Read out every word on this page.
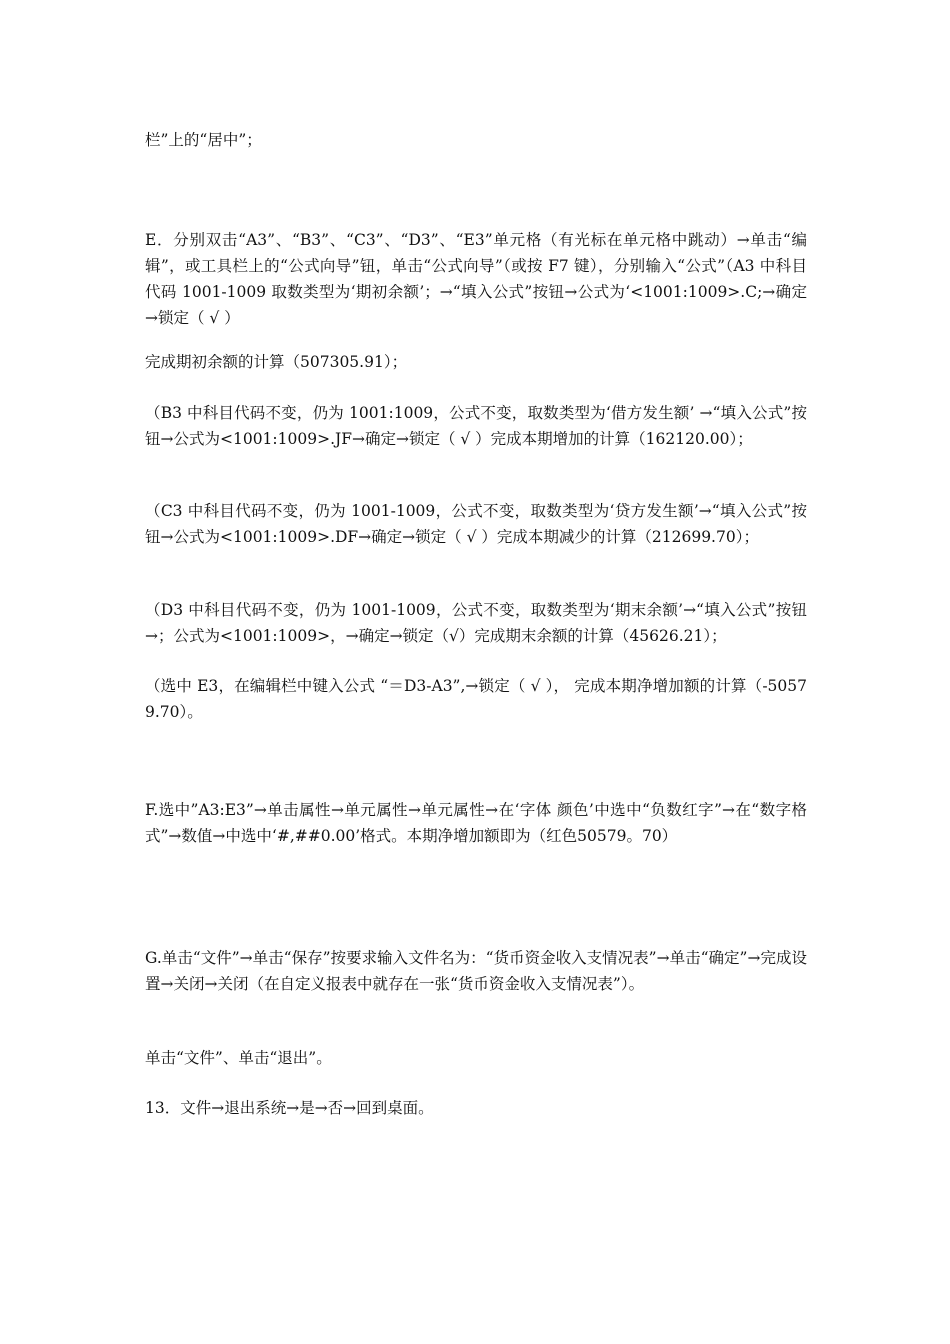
栏”上的“居中”；

E．分别双击“A3”、“B3”、“C3”、“D3”、“E3”单元格（有光标在单元格中跳动）→单击“编辑”，或工具栏上的“公式向导”钮，单击“公式向导”（或按 F7 键），分别输入“公式”（A3 中科目代码 1001-1009 取数类型为‘期初余额’；→“填入公式”按钮→公式为‘<1001:1009>.C;→确定→锁定（ √ ）

完成期初余额的计算（507305.91）；

（B3 中科目代码不变，仍为 1001:1009，公式不变，取数类型为‘借方发生额’ →“填入公式”按钮→公式为<1001:1009>.JF→确定→锁定（ √ ）完成本期增加的计算（162120.00）；

（C3 中科目代码不变，仍为 1001-1009，公式不变，取数类型为‘贷方发生额’→“填入公式”按钮→公式为<1001:1009>.DF→确定→锁定（ √ ）完成本期减少的计算（212699.70）；

（D3 中科目代码不变，仍为 1001-1009，公式不变，取数类型为‘期末余额’→“填入公式”按钮→；公式为<1001:1009>，→确定→锁定（√）完成期末余额的计算（45626.21）；

（选中 E3，在编辑栏中键入公式 “＝D3-A3”,→锁定（ √ ）， 完成本期净增加额的计算（-50579.70）。

F.选中”A3:E3”→单击属性→单元属性→单元属性→在‘字体 颜色’中选中“负数红字”→在“数字格式”→数值→中选中‘#,##0.00’格式。本期净增加额即为（红色50579。70）

G.单击“文件”→单击“保存”按要求输入文件名为：“货币资金收入支情况表”→单击“确定”→完成设置→关闭→关闭（在自定义报表中就存在一张“货币资金收入支情况表”）。

单击“文件”、单击“退出”。

13．文件→退出系统→是→否→回到桌面。
